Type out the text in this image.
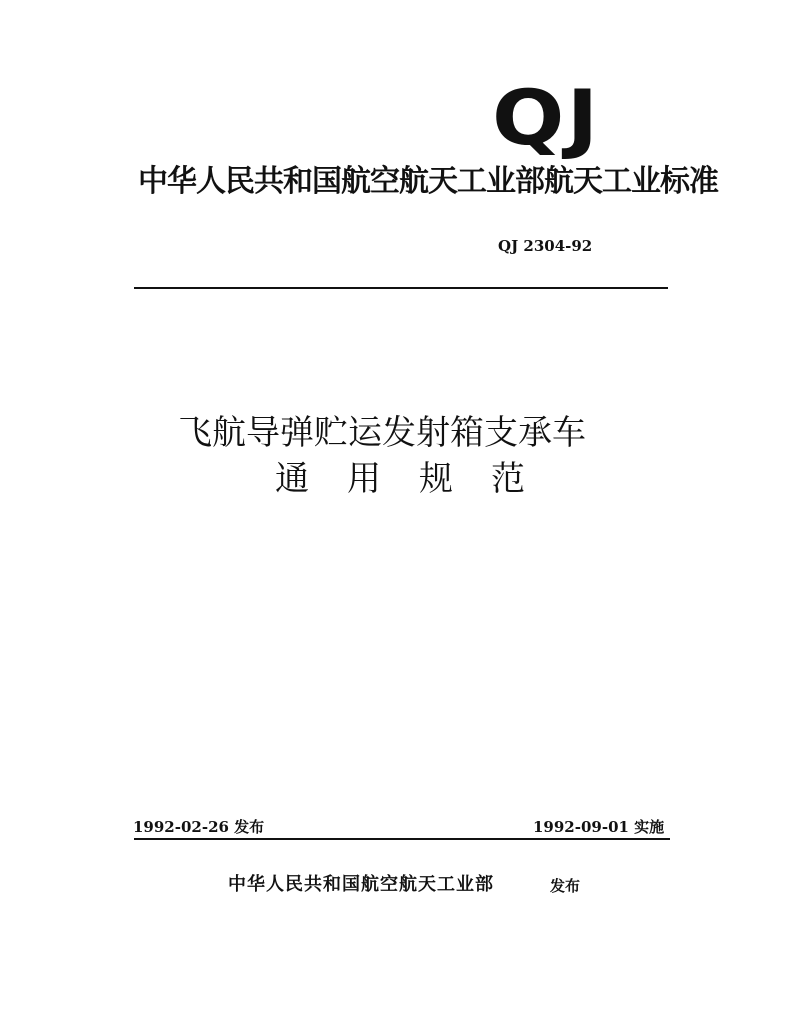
QJ
中华人民共和国航空航天工业部航天工业标准
QJ 2304-92
飞航导弹贮运发射箱支承车
通用规范
1992-02-26 发布	1992-09-01 实施
中华人民共和国航空航天工业部	发布
